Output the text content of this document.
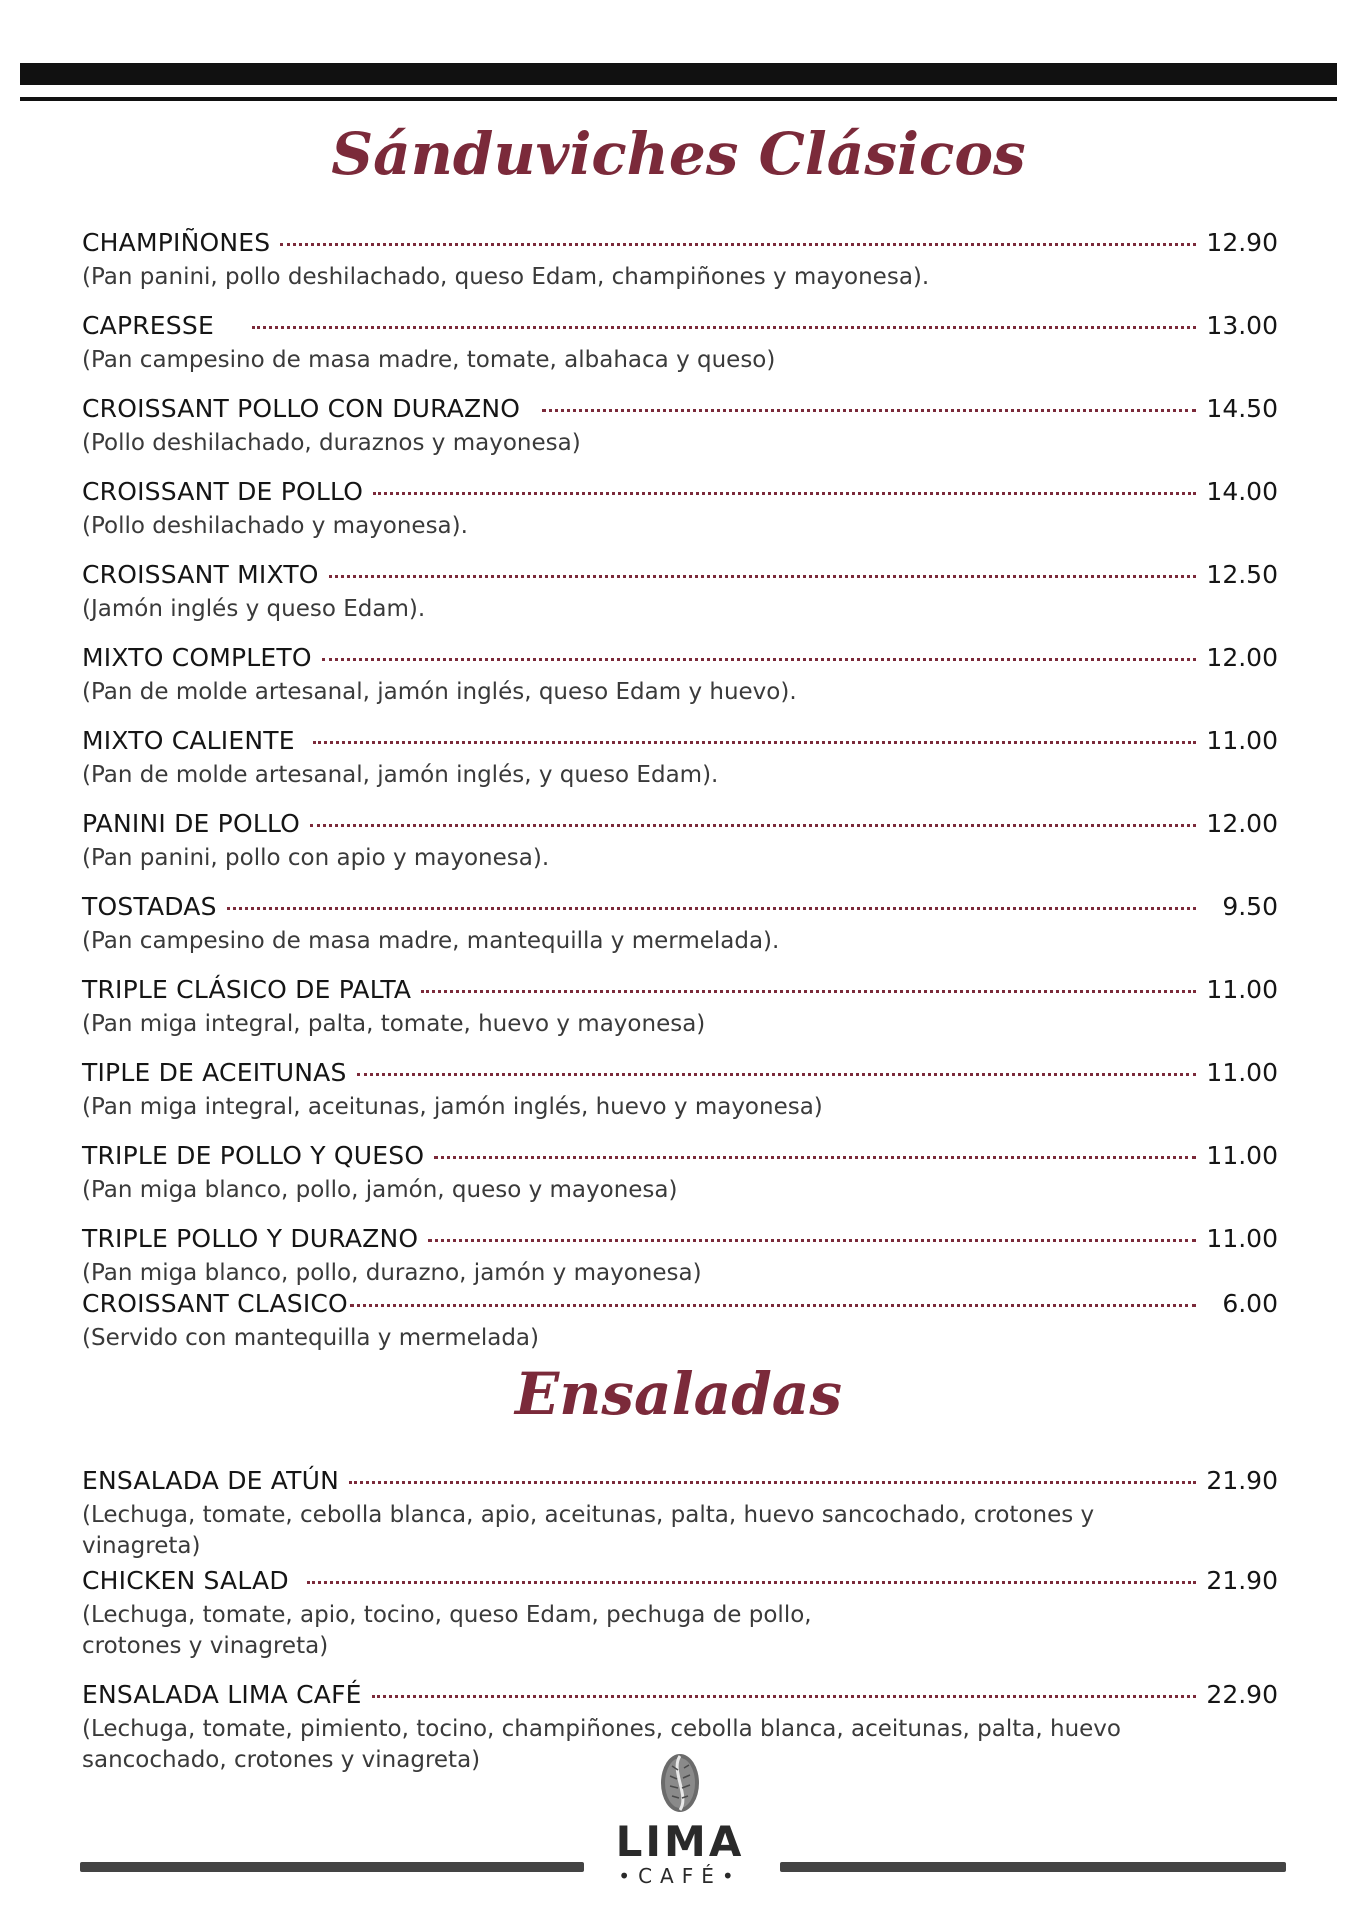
Sánduviches Clásicos
CHAMPIÑONES	12.90
(Pan panini, pollo deshilachado, queso Edam, champiñones y mayonesa).
CAPRESSE	13.00
(Pan campesino de masa madre, tomate, albahaca y queso)
CROISSANT POLLO CON DURAZNO	14.50
(Pollo deshilachado, duraznos y mayonesa)
CROISSANT DE POLLO	14.00
(Pollo deshilachado y mayonesa).
CROISSANT MIXTO	12.50
(Jamón inglés y queso Edam).
MIXTO COMPLETO	12.00
(Pan de molde artesanal, jamón inglés, queso Edam y huevo).
MIXTO CALIENTE	11.00
(Pan de molde artesanal, jamón inglés, y queso Edam).
PANINI DE POLLO	12.00
(Pan panini, pollo con apio y mayonesa).
TOSTADAS	9.50
(Pan campesino de masa madre, mantequilla y mermelada).
TRIPLE CLÁSICO DE PALTA	11.00
(Pan miga integral, palta, tomate, huevo y mayonesa)
TIPLE DE ACEITUNAS	11.00
(Pan miga integral, aceitunas, jamón inglés, huevo y mayonesa)
TRIPLE DE POLLO Y QUESO	11.00
(Pan miga blanco, pollo, jamón, queso y mayonesa)
TRIPLE POLLO Y DURAZNO	11.00
(Pan miga blanco, pollo, durazno, jamón y mayonesa)
CROISSANT CLASICO	6.00
(Servido con mantequilla y mermelada)
Ensaladas
ENSALADA DE ATÚN	21.90
(Lechuga, tomate, cebolla blanca, apio, aceitunas, palta, huevo sancochado, crotones y vinagreta)
CHICKEN SALAD	21.90
(Lechuga, tomate, apio, tocino, queso Edam, pechuga de pollo, crotones y vinagreta)
ENSALADA LIMA CAFÉ	22.90
(Lechuga, tomate, pimiento, tocino, champiñones, cebolla blanca, aceitunas, palta, huevo sancochado, crotones y vinagreta)
LIMA
•CAFÉ•
